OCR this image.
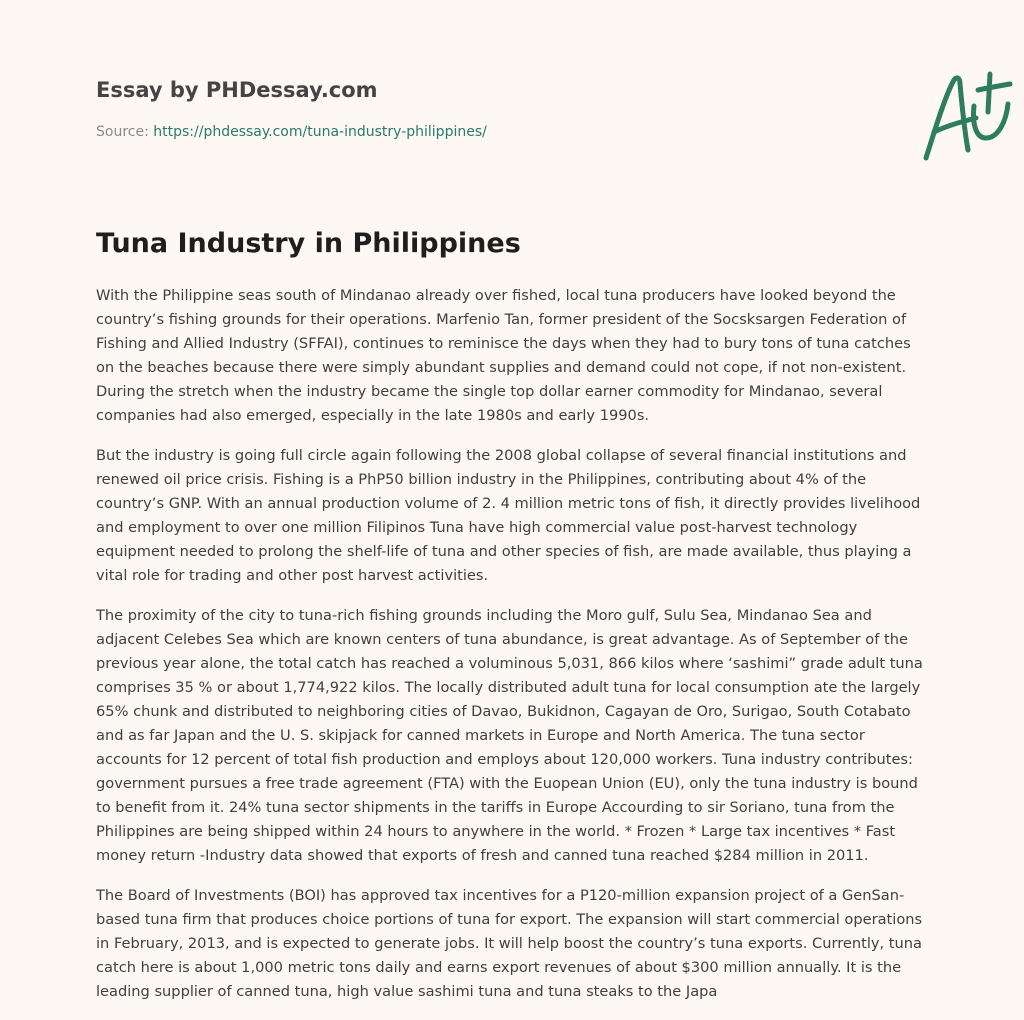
Essay by PHDessay.com
Source: https://phdessay.com/tuna-industry-philippines/
Tuna Industry in Philippines

With the Philippine seas south of Mindanao already over fished, local tuna producers have looked beyond the country’s fishing grounds for their operations. Marfenio Tan, former president of the Socsksargen Federation of Fishing and Allied Industry (SFFAI), continues to reminisce the days when they had to bury tons of tuna catches on the beaches because there were simply abundant supplies and demand could not cope, if not non-existent. During the stretch when the industry became the single top dollar earner commodity for Mindanao, several companies had also emerged, especially in the late 1980s and early 1990s.

But the industry is going full circle again following the 2008 global collapse of several financial institutions and renewed oil price crisis. Fishing is a PhP50 billion industry in the Philippines, contributing about 4% of the country’s GNP. With an annual production volume of 2. 4 million metric tons of fish, it directly provides livelihood and employment to over one million Filipinos Tuna have high commercial value post-harvest technology equipment needed to prolong the shelf-life of tuna and other species of fish, are made available, thus playing a vital role for trading and other post harvest activities.

The proximity of the city to tuna-rich fishing grounds including the Moro gulf, Sulu Sea, Mindanao Sea and adjacent Celebes Sea which are known centers of tuna abundance, is great advantage. As of September of the previous year alone, the total catch has reached a voluminous 5,031, 866 kilos where ‘sashimi” grade adult tuna comprises 35 % or about 1,774,922 kilos. The locally distributed adult tuna for local consumption ate the largely 65% chunk and distributed to neighboring cities of Davao, Bukidnon, Cagayan de Oro, Surigao, South Cotabato and as far Japan and the U. S. skipjack for canned markets in Europe and North America. The tuna sector accounts for 12 percent of total fish production and employs about 120,000 workers. Tuna industry contributes: government pursues a free trade agreement (FTA) with the Euopean Union (EU), only the tuna industry is bound to benefit from it. 24% tuna sector shipments in the tariffs in Europe Accourding to sir Soriano, tuna from the Philippines are being shipped within 24 hours to anywhere in the world. * Frozen * Large tax incentives * Fast money return -Industry data showed that exports of fresh and canned tuna reached $284 million in 2011.

The Board of Investments (BOI) has approved tax incentives for a P120-million expansion project of a GenSan-based tuna firm that produces choice portions of tuna for export. The expansion will start commercial operations in February, 2013, and is expected to generate jobs. It will help boost the country’s tuna exports. Currently, tuna catch here is about 1,000 metric tons daily and earns export revenues of about $300 million annually. It is the leading supplier of canned tuna, high value sashimi tuna and tuna steaks to the Japa
